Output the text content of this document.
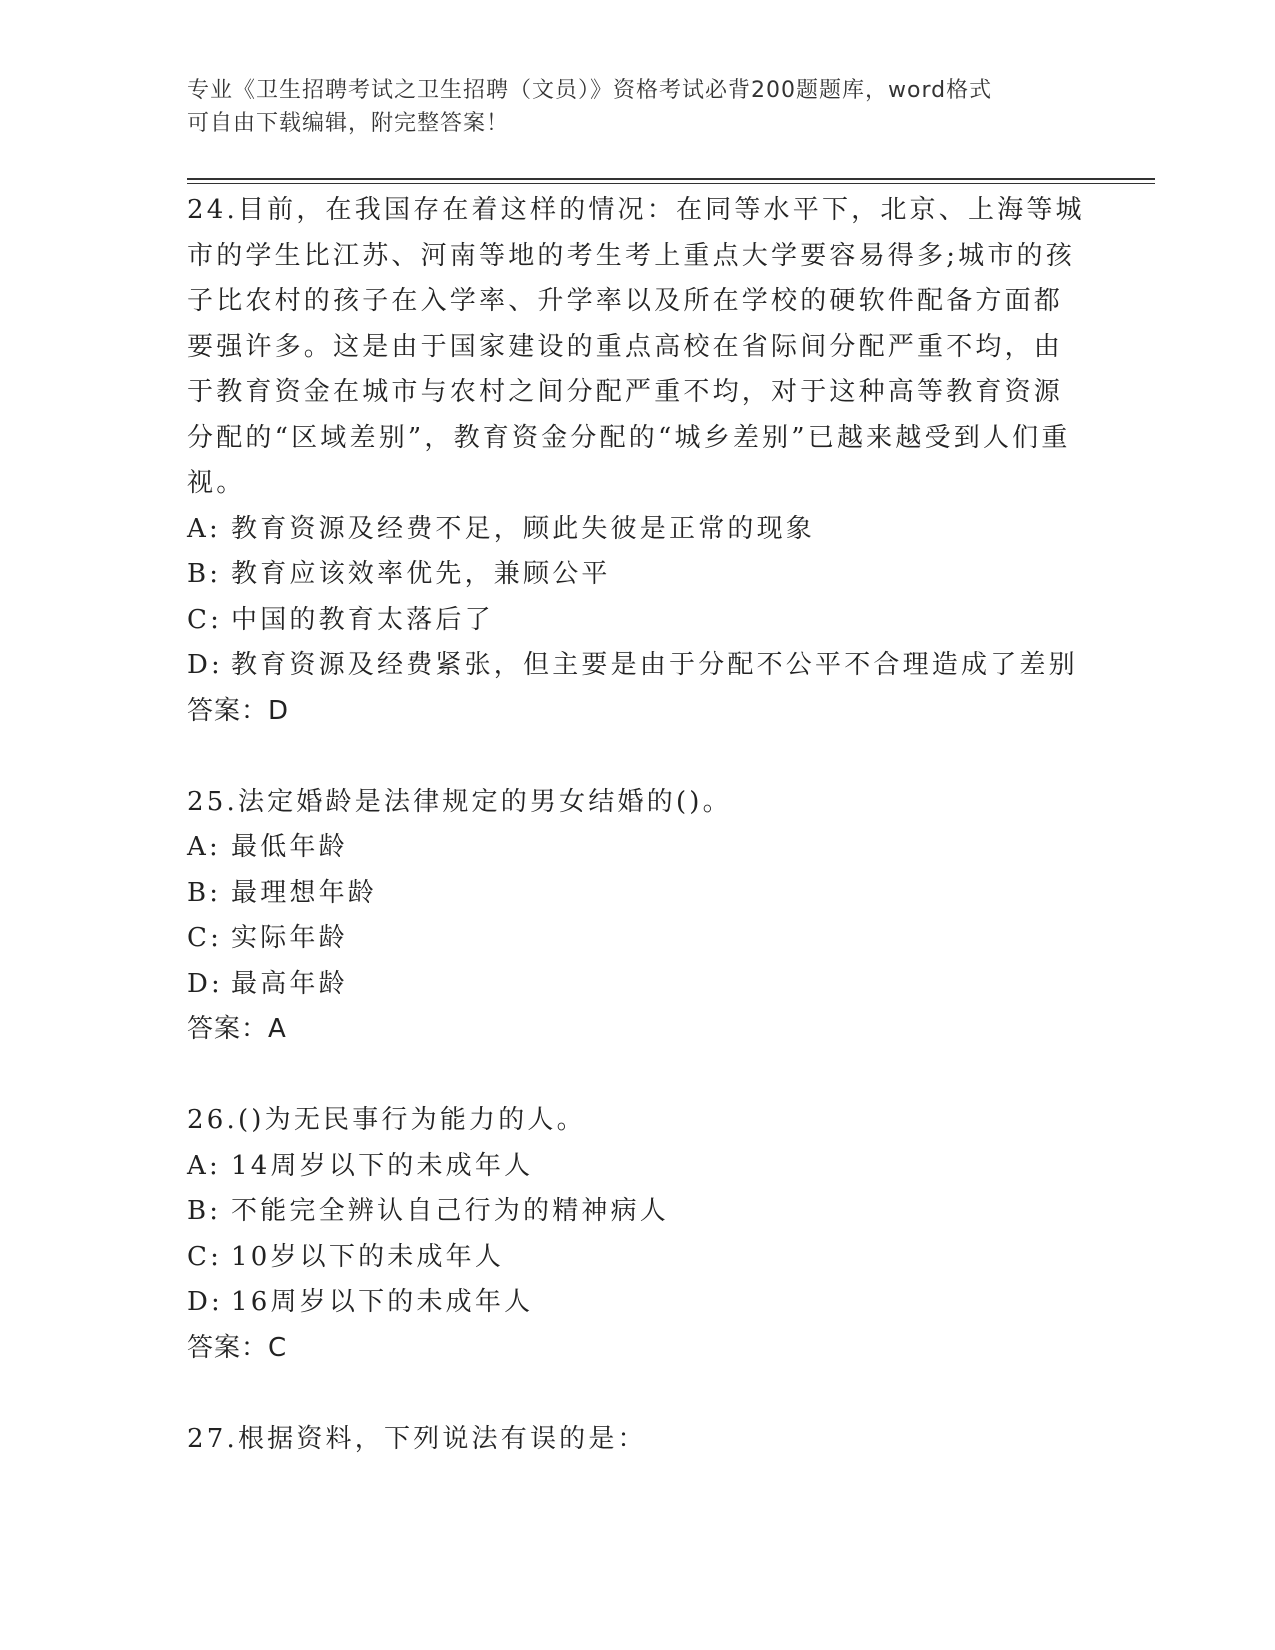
专业《卫生招聘考试之卫生招聘（文员）》资格考试必背200题题库，word格式
可自由下载编辑，附完整答案！

24.目前，在我国存在着这样的情况：在同等水平下，北京、上海等城市的学生比江苏、河南等地的考生考上重点大学要容易得多;城市的孩子比农村的孩子在入学率、升学率以及所在学校的硬软件配备方面都要强许多。这是由于国家建设的重点高校在省际间分配严重不均，由于教育资金在城市与农村之间分配严重不均，对于这种高等教育资源分配的“区域差别”，教育资金分配的“城乡差别”已越来越受到人们重视。

A: 教育资源及经费不足，顾此失彼是正常的现象

B: 教育应该效率优先，兼顾公平

C: 中国的教育太落后了

D: 教育资源及经费紧张，但主要是由于分配不公平不合理造成了差别

答案：D

25.法定婚龄是法律规定的男女结婚的()。

A: 最低年龄

B: 最理想年龄

C: 实际年龄

D: 最高年龄

答案：A

26.()为无民事行为能力的人。

A: 14周岁以下的未成年人

B: 不能完全辨认自己行为的精神病人

C: 10岁以下的未成年人

D: 16周岁以下的未成年人

答案：C

27.根据资料，下列说法有误的是：
